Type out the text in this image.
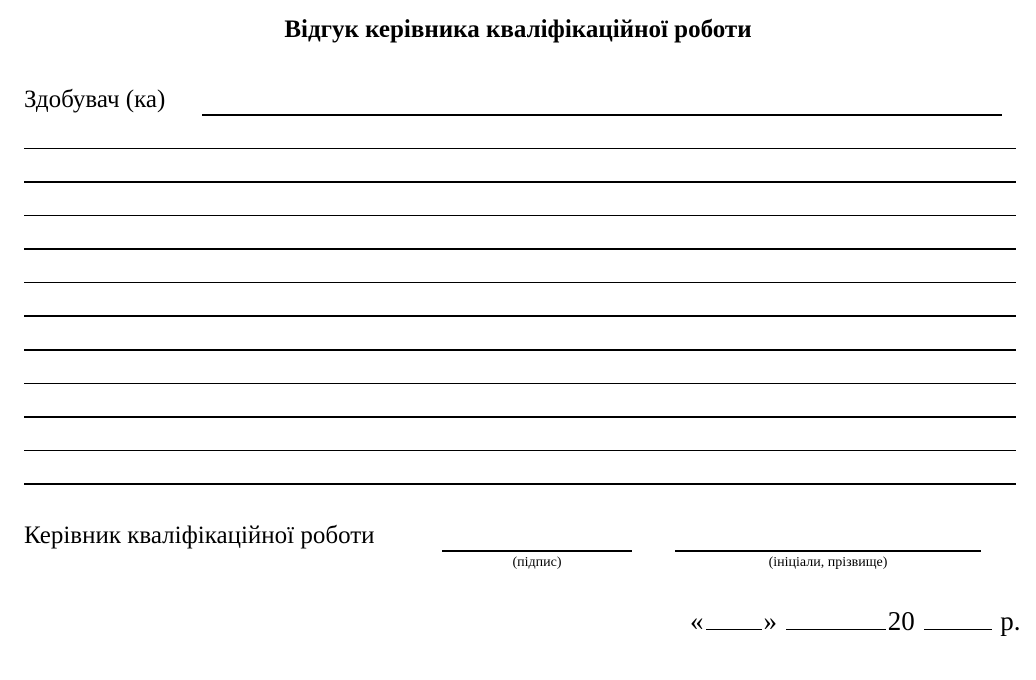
Відгук керівника кваліфікаційної роботи
Здобувач (ка)
Керівник кваліфікаційної роботи
(підпис)	(ініціали, прізвище)
« »	20	р.
